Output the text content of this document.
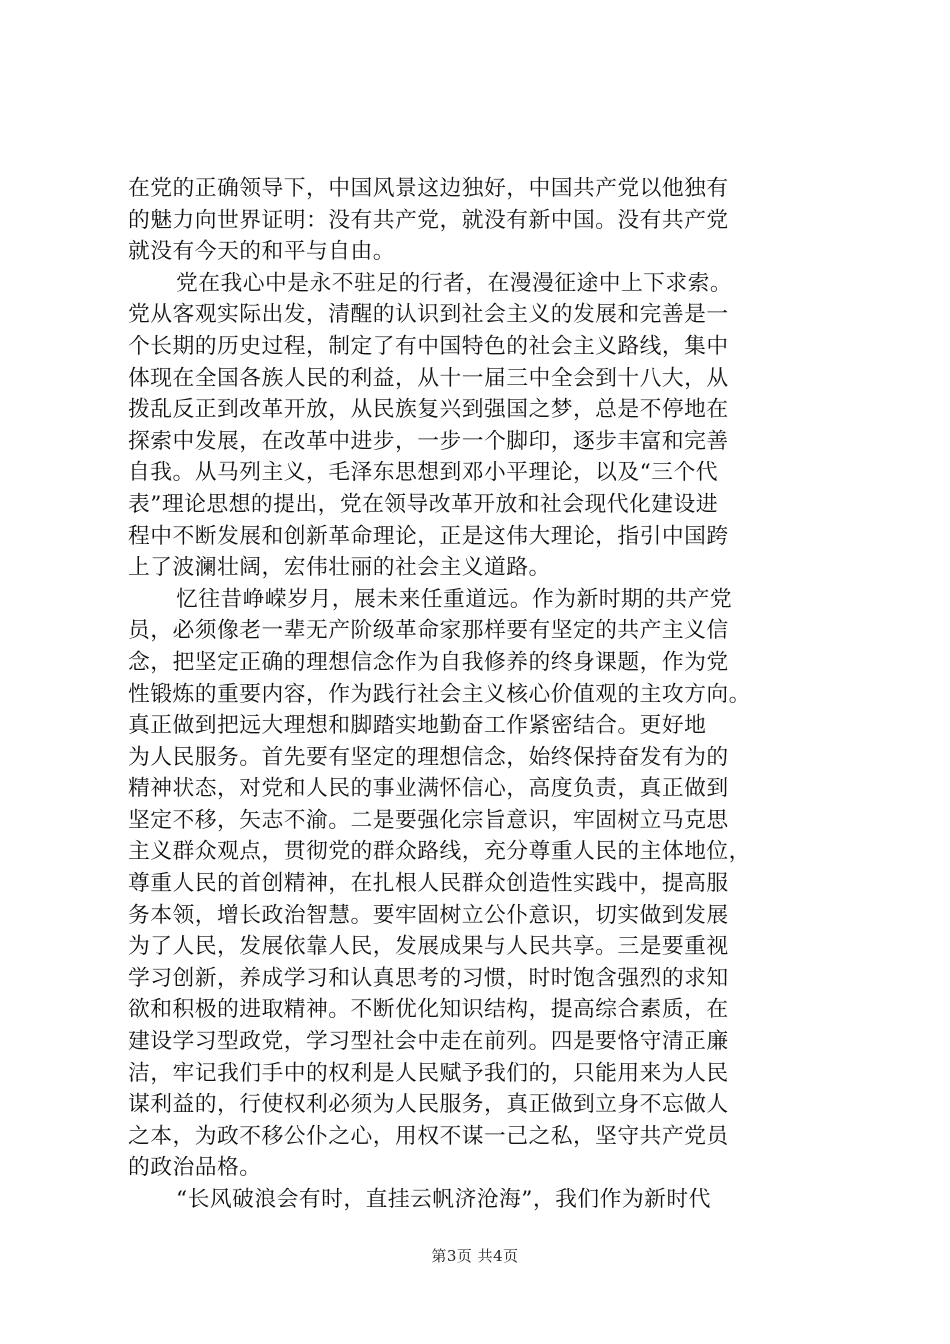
在党的正确领导下，中国风景这边独好，中国共产党以他独有
的魅力向世界证明：没有共产党，就没有新中国。没有共产党
就没有今天的和平与自由。
党在我心中是永不驻足的行者，在漫漫征途中上下求索。
党从客观实际出发，清醒的认识到社会主义的发展和完善是一
个长期的历史过程，制定了有中国特色的社会主义路线，集中
体现在全国各族人民的利益，从十一届三中全会到十八大，从
拨乱反正到改革开放，从民族复兴到强国之梦，总是不停地在
探索中发展，在改革中进步，一步一个脚印，逐步丰富和完善
自我。从马列主义，毛泽东思想到邓小平理论，以及“三个代
表”理论思想的提出，党在领导改革开放和社会现代化建设进
程中不断发展和创新革命理论，正是这伟大理论，指引中国跨
上了波澜壮阔，宏伟壮丽的社会主义道路。
忆往昔峥嵘岁月，展未来任重道远。作为新时期的共产党
员，必须像老一辈无产阶级革命家那样要有坚定的共产主义信
念，把坚定正确的理想信念作为自我修养的终身课题，作为党
性锻炼的重要内容，作为践行社会主义核心价值观的主攻方向。
真正做到把远大理想和脚踏实地勤奋工作紧密结合。更好地
为人民服务。首先要有坚定的理想信念，始终保持奋发有为的
精神状态，对党和人民的事业满怀信心，高度负责，真正做到
坚定不移，矢志不渝。二是要强化宗旨意识，牢固树立马克思
主义群众观点，贯彻党的群众路线，充分尊重人民的主体地位，
尊重人民的首创精神，在扎根人民群众创造性实践中，提高服
务本领，增长政治智慧。要牢固树立公仆意识，切实做到发展
为了人民，发展依靠人民，发展成果与人民共享。三是要重视
学习创新，养成学习和认真思考的习惯，时时饱含强烈的求知
欲和积极的进取精神。不断优化知识结构，提高综合素质，在
建设学习型政党，学习型社会中走在前列。四是要恪守清正廉
洁，牢记我们手中的权利是人民赋予我们的，只能用来为人民
谋利益的，行使权利必须为人民服务，真正做到立身不忘做人
之本，为政不移公仆之心，用权不谋一己之私，坚守共产党员
的政治品格。
“长风破浪会有时，直挂云帆济沧海”，我们作为新时代
第3页 共4页
